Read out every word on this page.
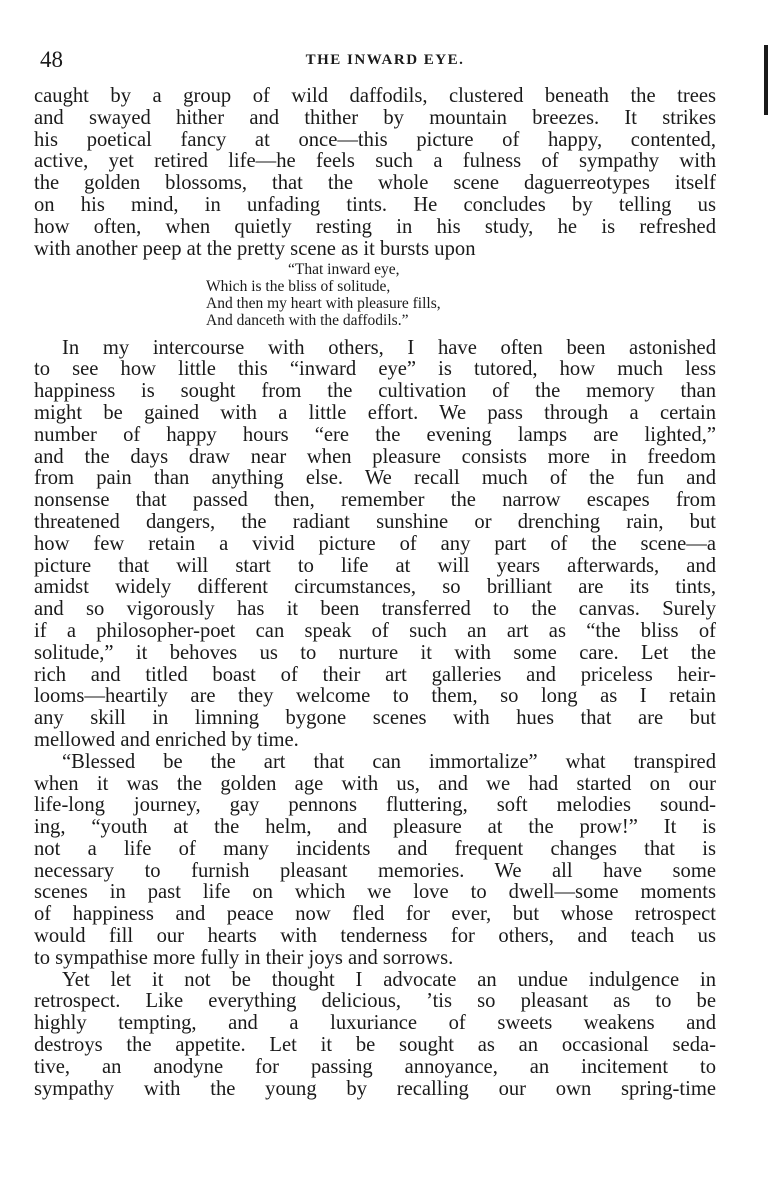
48	THE INWARD EYE.
caught by a group of wild daffodils, clustered beneath the trees
and swayed hither and thither by mountain breezes. It strikes
his poetical fancy at once—this picture of happy, contented,
active, yet retired life—he feels such a fulness of sympathy with
the golden blossoms, that the whole scene daguerreotypes itself
on his mind, in unfading tints. He concludes by telling us
how often, when quietly resting in his study, he is refreshed
with another peep at the pretty scene as it bursts upon
“That inward eye,
Which is the bliss of solitude,
And then my heart with pleasure fills,
And danceth with the daffodils.”
In my intercourse with others, I have often been astonished
to see how little this “inward eye” is tutored, how much less
happiness is sought from the cultivation of the memory than
might be gained with a little effort. We pass through a certain
number of happy hours “ere the evening lamps are lighted,”
and the days draw near when pleasure consists more in freedom
from pain than anything else. We recall much of the fun and
nonsense that passed then, remember the narrow escapes from
threatened dangers, the radiant sunshine or drenching rain, but
how few retain a vivid picture of any part of the scene—a
picture that will start to life at will years afterwards, and
amidst widely different circumstances, so brilliant are its tints,
and so vigorously has it been transferred to the canvas. Surely
if a philosopher-poet can speak of such an art as “the bliss of
solitude,” it behoves us to nurture it with some care. Let the
rich and titled boast of their art galleries and priceless heir-
looms—heartily are they welcome to them, so long as I retain
any skill in limning bygone scenes with hues that are but
mellowed and enriched by time.
“Blessed be the art that can immortalize” what transpired
when it was the golden age with us, and we had started on our
life-long journey, gay pennons fluttering, soft melodies sound-
ing, “youth at the helm, and pleasure at the prow!” It is
not a life of many incidents and frequent changes that is
necessary to furnish pleasant memories. We all have some
scenes in past life on which we love to dwell—some moments
of happiness and peace now fled for ever, but whose retrospect
would fill our hearts with tenderness for others, and teach us
to sympathise more fully in their joys and sorrows.
Yet let it not be thought I advocate an undue indulgence in
retrospect. Like everything delicious, ’tis so pleasant as to be
highly tempting, and a luxuriance of sweets weakens and
destroys the appetite. Let it be sought as an occasional seda-
tive, an anodyne for passing annoyance, an incitement to
sympathy with the young by recalling our own spring-time
